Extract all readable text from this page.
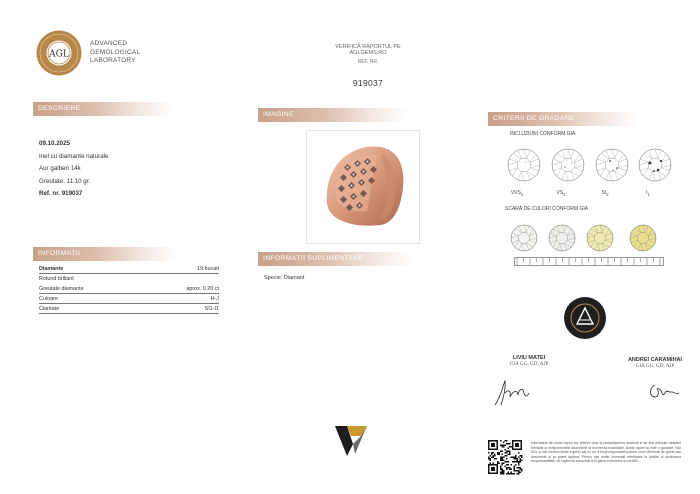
AGL
ADVANCED
GEMOLOGICAL
LABORATORY
VERIFICĂ RAPORTUL PE AGLGEMS.RO
REF. NR.
919037
DESCRIERE
IMAGINE
CRITERII DE GRADARE
INFORMAȚII
INFORMAȚII SUPLIMENTARE
09.10.2025
Inel cu diamante naturale
Aur galben 14k
Greutate: 11.10 gr.
Ref. nr. 919037
Diamante	19 bucati
Rotund briliant
Greutate diamante	aprox. 0.20 ct
Culoare	H-J
Claritate	SI1-I1
Specie: Diamant
INCLUZIUNI CONFORM GIA
$VVS_2$	$VS_2$	$SI_2$	$I_1$
SCARĂ DE CULORI CONFORM GIA
LIVIU MATEI
GIA GG, GD, AJP
ANDREI CARAMIHAI
GIA GG, GD, AJP
Informațiile din acest raport fac referire doar la piatra/bijuteria descrisă și au fost obținute utilizând tehnicile și echipamentele disponibile la momentul examinării. Acest raport nu este o garanție. Nici AGL și nici vreunul dintre experții săi nu vor fi ținuți responsabili pentru orice diferență de opinie sau descrierile și ar putea apărea. Pentru mai multe informații referitoare la limitări și declinarea responsabilității, vă rugăm să consultați AGLgems.ro/termeni-si-conditii.
